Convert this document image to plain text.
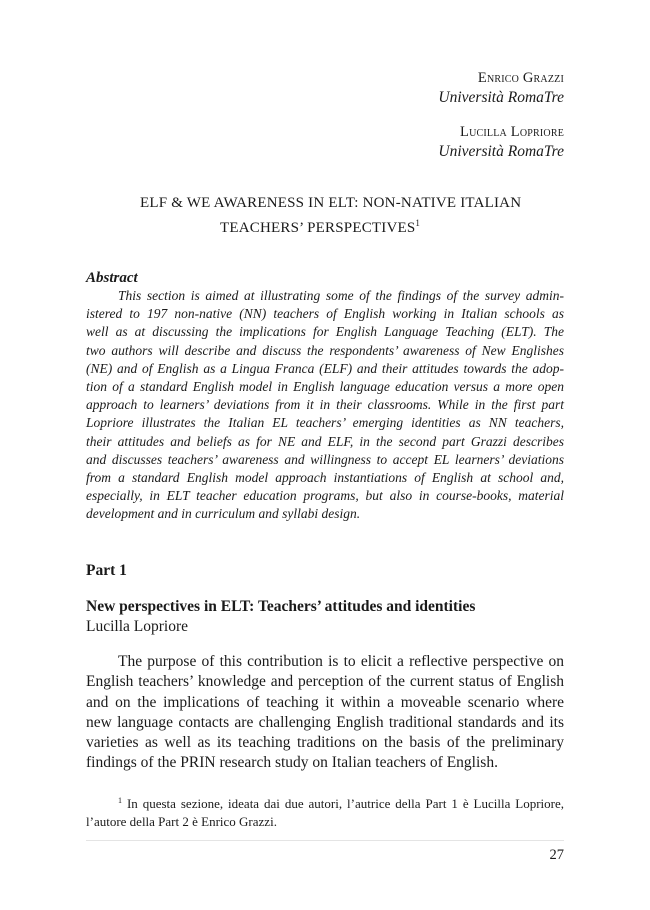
Enrico Grazzi
Università RomaTre
Lucilla Lopriore
Università RomaTre
ELF & WE AWARENESS IN ELT: NON-NATIVE ITALIAN
TEACHERS’ PERSPECTIVES$^1$
Abstract
This section is aimed at illustrating some of the findings of the survey admin-
istered to 197 non-native (NN) teachers of English working in Italian schools as
well as at discussing the implications for English Language Teaching (ELT). The
two authors will describe and discuss the respondents’ awareness of New Englishes
(NE) and of English as a Lingua Franca (ELF) and their attitudes towards the adop-
tion of a standard English model in English language education versus a more open
approach to learners’ deviations from it in their classrooms. While in the first part
Lopriore illustrates the Italian EL teachers’ emerging identities as NN teachers,
their attitudes and beliefs as for NE and ELF, in the second part Grazzi describes
and discusses teachers’ awareness and willingness to accept EL learners’ deviations
from a standard English model approach instantiations of English at school and,
especially, in ELT teacher education programs, but also in course-books, material
development and in curriculum and syllabi design.
Part 1
New perspectives in ELT: Teachers’ attitudes and identities
Lucilla Lopriore
The purpose of this contribution is to elicit a reflective perspective on
English teachers’ knowledge and perception of the current status of English
and on the implications of teaching it within a moveable scenario where
new language contacts are challenging English traditional standards and its
varieties as well as its teaching traditions on the basis of the preliminary
findings of the PRIN research study on Italian teachers of English.
$^1$ In questa sezione, ideata dai due autori, l’autrice della Part 1 è Lucilla Lopriore,
l’autore della Part 2 è Enrico Grazzi.
27
